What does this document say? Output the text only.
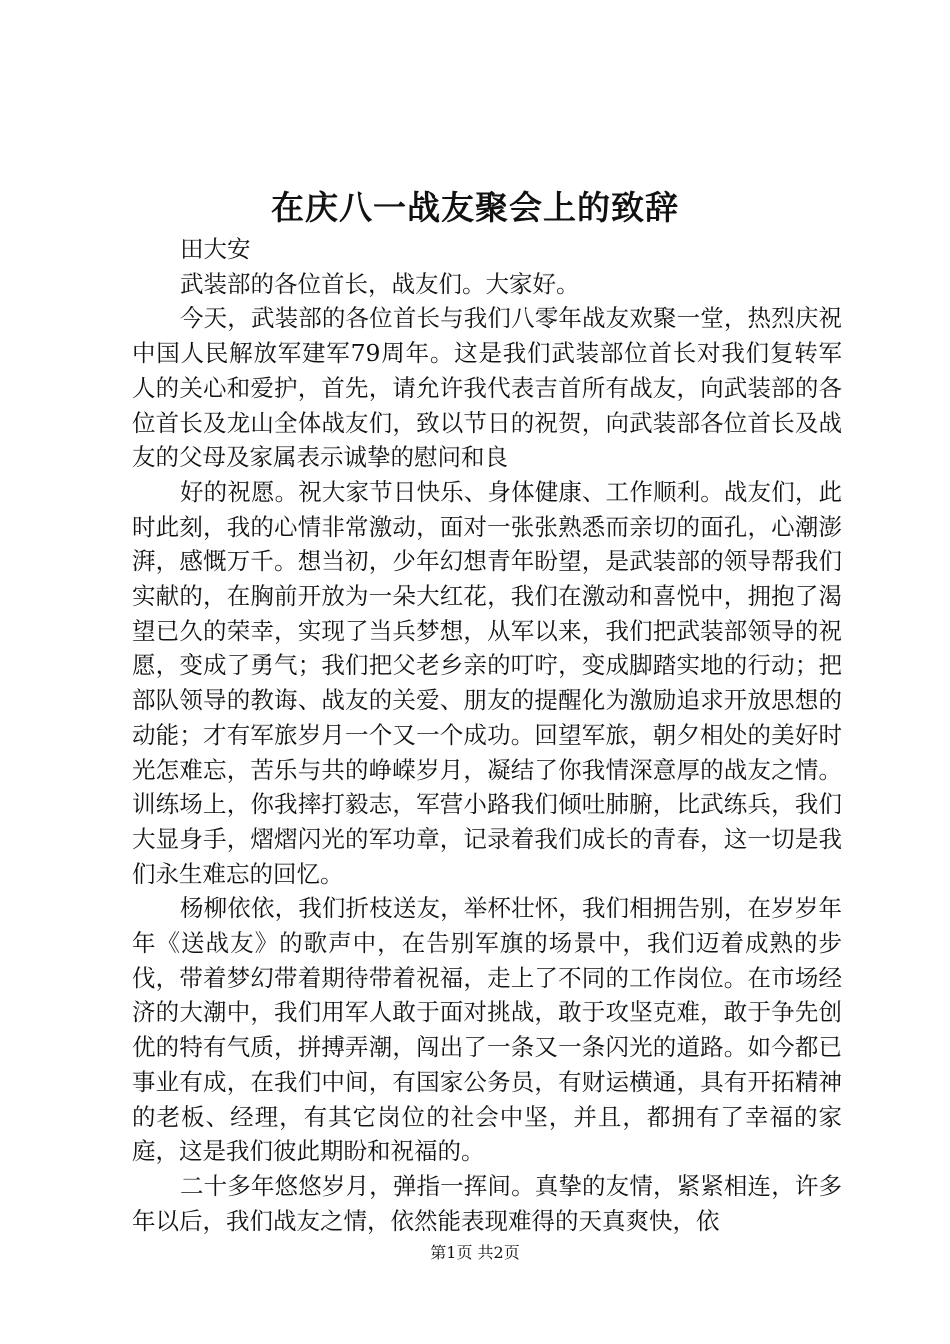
在庆八一战友聚会上的致辞

田大安

武装部的各位首长，战友们。大家好。

今天，武装部的各位首长与我们八零年战友欢聚一堂，热烈庆祝中国人民解放军建军79周年。这是我们武装部位首长对我们复转军人的关心和爱护，首先，请允许我代表吉首所有战友，向武装部的各位首长及龙山全体战友们，致以节日的祝贺，向武装部各位首长及战友的父母及家属表示诚挚的慰问和良

好的祝愿。祝大家节日快乐、身体健康、工作顺利。战友们，此时此刻，我的心情非常激动，面对一张张熟悉而亲切的面孔，心潮澎湃，感慨万千。想当初，少年幻想青年盼望，是武装部的领导帮我们实献的，在胸前开放为一朵大红花，我们在激动和喜悦中，拥抱了渴望已久的荣幸，实现了当兵梦想，从军以来，我们把武装部领导的祝愿，变成了勇气；我们把父老乡亲的叮咛，变成脚踏实地的行动；把部队领导的教诲、战友的关爱、朋友的提醒化为激励追求开放思想的动能；才有军旅岁月一个又一个成功。回望军旅，朝夕相处的美好时光怎难忘，苦乐与共的峥嵘岁月，凝结了你我情深意厚的战友之情。训练场上，你我摔打毅志，军营小路我们倾吐肺腑，比武练兵，我们大显身手，熠熠闪光的军功章，记录着我们成长的青春，这一切是我们永生难忘的回忆。

杨柳依依，我们折枝送友，举杯壮怀，我们相拥告别，在岁岁年年《送战友》的歌声中，在告别军旗的场景中，我们迈着成熟的步伐，带着梦幻带着期待带着祝福，走上了不同的工作岗位。在市场经济的大潮中，我们用军人敢于面对挑战，敢于攻坚克难，敢于争先创优的特有气质，拼搏弄潮，闯出了一条又一条闪光的道路。如今都已事业有成，在我们中间，有国家公务员，有财运横通，具有开拓精神的老板、经理，有其它岗位的社会中坚，并且，都拥有了幸福的家庭，这是我们彼此期盼和祝福的。

二十多年悠悠岁月，弹指一挥间。真挚的友情，紧紧相连，许多年以后，我们战友之情，依然能表现难得的天真爽快，依

第1页 共2页
